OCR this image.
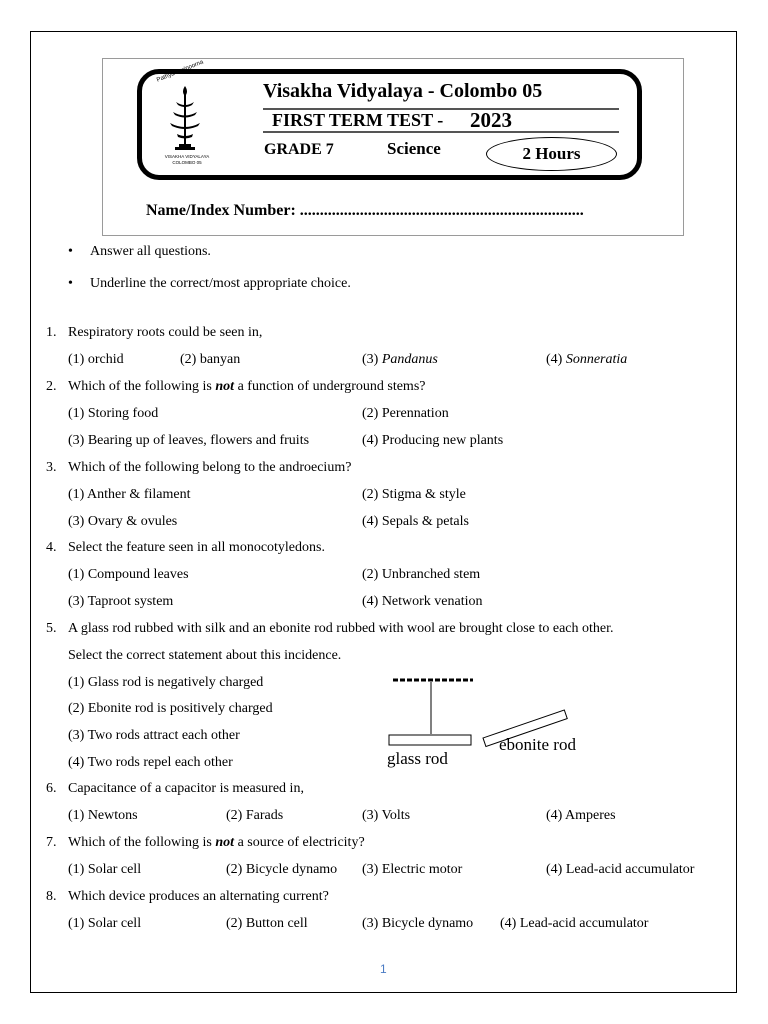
Pathya Paripoorna
VISAKHA VIDYALAYA COLOMBO 05
Visakha Vidyalaya - Colombo 05
FIRST TERM TEST - 2023
GRADE 7	Science	2 Hours
Name/Index Number: .......................................................................
• Answer all questions.
• Underline the correct/most appropriate choice.
1. Respiratory roots could be seen in,
(1) orchid	(2) banyan	(3) Pandanus	(4) Sonneratia
2. Which of the following is not a function of underground stems?
(1) Storing food	(2) Perennation
(3) Bearing up of leaves, flowers and fruits	(4) Producing new plants
3. Which of the following belong to the androecium?
(1) Anther & filament	(2) Stigma & style
(3) Ovary & ovules	(4) Sepals & petals
4. Select the feature seen in all monocotyledons.
(1) Compound leaves	(2) Unbranched stem
(3) Taproot system	(4) Network venation
5. A glass rod rubbed with silk and an ebonite rod rubbed with wool are brought close to each other.
Select the correct statement about this incidence.
(1) Glass rod is negatively charged
(2) Ebonite rod is positively charged
(3) Two rods attract each other
(4) Two rods repel each other	glass rod
ebonite rod
6. Capacitance of a capacitor is measured in,
(1) Newtons	(2) Farads	(3) Volts	(4) Amperes
7. Which of the following is not a source of electricity?
(1) Solar cell	(2) Bicycle dynamo (3) Electric motor	(4) Lead-acid accumulator
8. Which device produces an alternating current?
(1) Solar cell	(2) Button cell	(3) Bicycle dynamo (4) Lead-acid accumulator
1
